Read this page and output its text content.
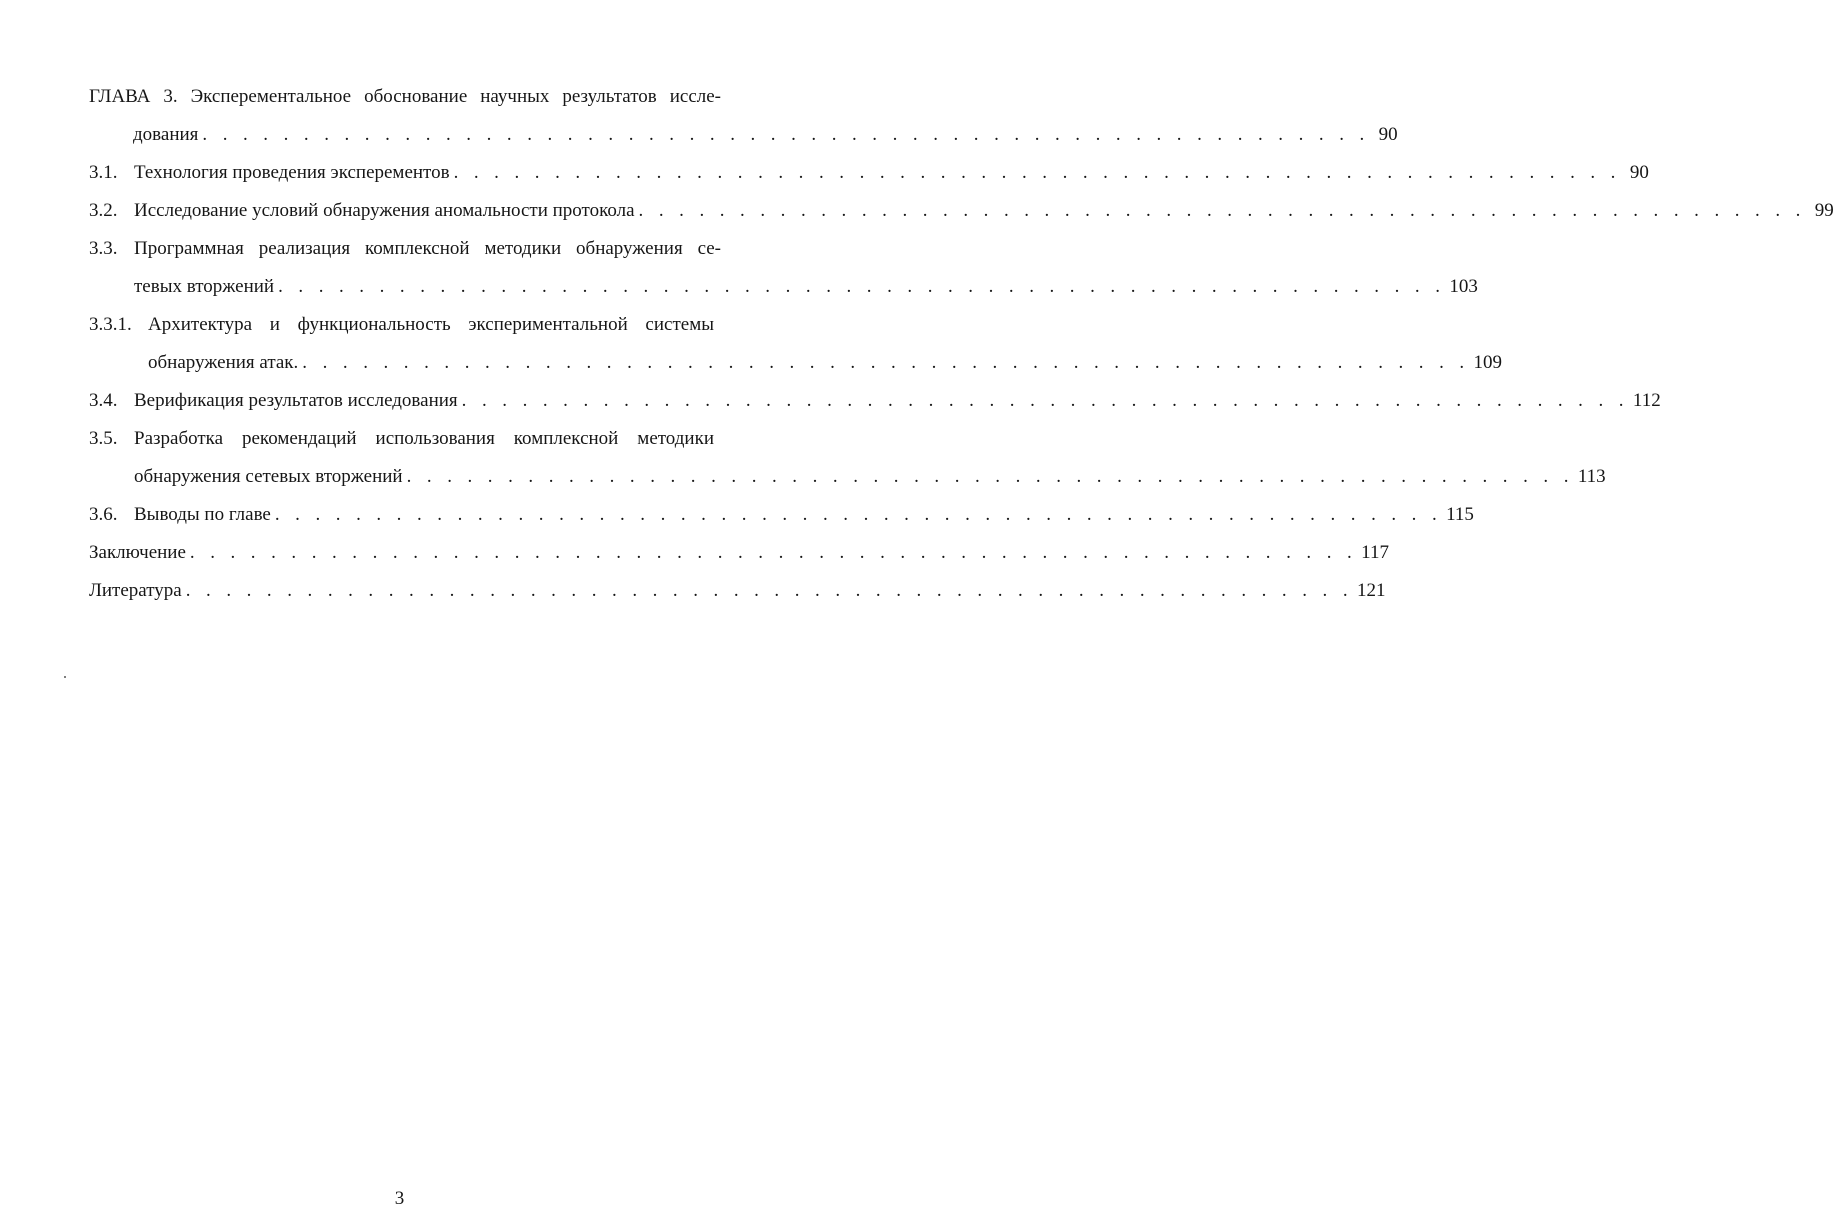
ГЛАВА 3. Эксперементальное обоснование научных результатов иссле-
дования . . . . . . . . . . . . . . . . . . . . . . . . . . . . . . . . . . . . . . . . . . . . . . . . . . . . . . . . . . 90
3.1. Технология проведения эксперементов . . . . . . . . . . . . . . . . . . . . . . . . . . . . . . . . . . . . . . . . . . . . . . . . . . . . . . . . . . 90
3.2. Исследование условий обнаружения аномальности протокола . . . . . . . . . . . . . . . . . . . . . . . . . . . . . . . . . . . . . . . . . . . . . . . . . . . . . . . . . . 99
3.3. Программная реализация комплексной методики обнаружения се-
тевых вторжений . . . . . . . . . . . . . . . . . . . . . . . . . . . . . . . . . . . . . . . . . . . . . . . . . . . . . . . . . . 103
3.3.1. Архитектура и функциональность экспериментальной системы
обнаружения атак. . . . . . . . . . . . . . . . . . . . . . . . . . . . . . . . . . . . . . . . . . . . . . . . . . . . . . . . . . . 109
3.4. Верификация результатов исследования . . . . . . . . . . . . . . . . . . . . . . . . . . . . . . . . . . . . . . . . . . . . . . . . . . . . . . . . . . 112
3.5. Разработка рекомендаций использования комплексной методики
обнаружения сетевых вторжений . . . . . . . . . . . . . . . . . . . . . . . . . . . . . . . . . . . . . . . . . . . . . . . . . . . . . . . . . . 113
3.6. Выводы по главе . . . . . . . . . . . . . . . . . . . . . . . . . . . . . . . . . . . . . . . . . . . . . . . . . . . . . . . . . . 115
Заключение . . . . . . . . . . . . . . . . . . . . . . . . . . . . . . . . . . . . . . . . . . . . . . . . . . . . . . . . . . 117
Литература . . . . . . . . . . . . . . . . . . . . . . . . . . . . . . . . . . . . . . . . . . . . . . . . . . . . . . . . . . 121
3
